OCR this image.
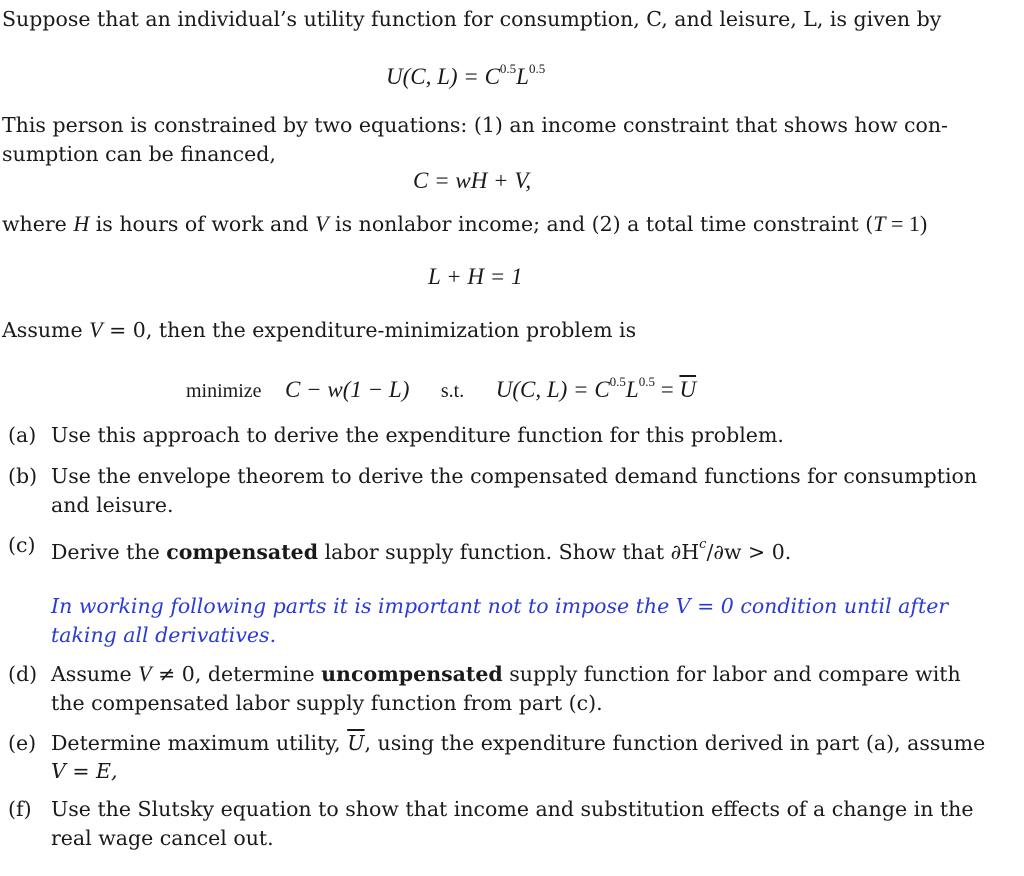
Suppose that an individual’s utility function for consumption, C, and leisure, L, is given by
U(C, $L) = C^{0.5}L^{0.5}$
This person is constrained by two equations: (1) an income constraint that shows how con-
sumption can be financed,
C = wH + V,
where H is hours of work and V is nonlabor income; and (2) a total time constraint (T = 1)
L + H = 1
Assume V = 0, then the expenditure-minimization problem is
minimize C − w(1 − L) s.t. U(C, $L) = C^{0.5}L^{0.5} = \overline{U}$
(a) Use this approach to derive the expenditure function for this problem.
(b) Use the envelope theorem to derive the compensated demand functions for consumption
and leisure.
(c) Derive the compensated labor supply function. Show that $\partial H^c/\partial w > 0$.
In working following parts it is important not to impose the V = 0 condition until after
taking all derivatives.
(d) Assume V ≠ 0, determine uncompensated supply function for labor and compare with
the compensated labor supply function from part (c).
(e) Determine maximum utility, $\overline{U}$, using the expenditure function derived in part (a), assume
V = E,
(f) Use the Slutsky equation to show that income and substitution effects of a change in the
real wage cancel out.
